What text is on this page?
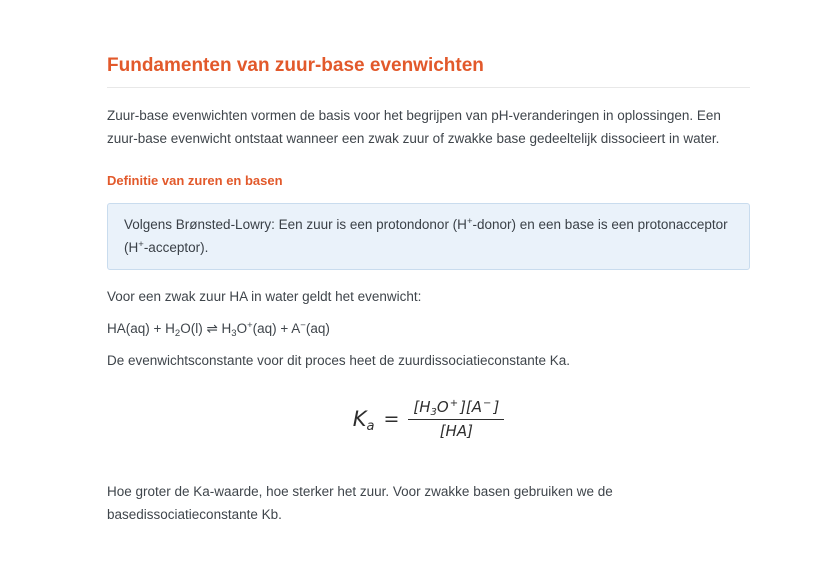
Fundamenten van zuur-base evenwichten

Zuur-base evenwichten vormen de basis voor het begrijpen van pH-veranderingen in oplossingen. Een zuur-base evenwicht ontstaat wanneer een zwak zuur of zwakke base gedeeltelijk dissocieert in water.

Definitie van zuren en basen

Volgens Brønsted-Lowry: Een zuur is een protondonor (H+-donor) en een base is een protonacceptor (H+-acceptor).

Voor een zwak zuur HA in water geldt het evenwicht:

$HA(aq) + H_2O(l)$ ⇌ $H_3O^+(aq) + A^-(aq)$

De evenwichtsconstante voor dit proces heet de zuurdissociatieconstante Ka.

$K_a = \frac{[H_3O^+ ][A^- ]}{[HA]}$

Hoe groter de Ka-waarde, hoe sterker het zuur. Voor zwakke basen gebruiken we de basedissociatieconstante Kb.
